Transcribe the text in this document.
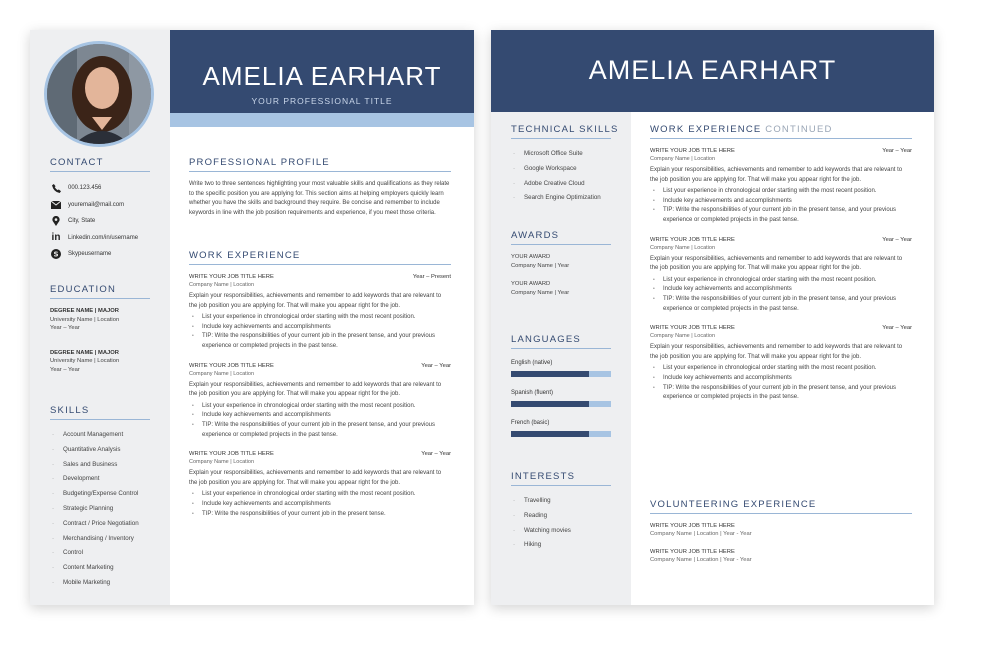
AMELIA EARHART
YOUR PROFESSIONAL TITLE
CONTACT
000.123.456
youremail@mail.com
City, State
in Linkedin.com/in/username
S Skypeusername
EDUCATION
DEGREE NAME | MAJOR
University Name | Location
Year – Year
DEGREE NAME | MAJOR
University Name | Location
Year – Year
SKILLS
· Account Management
· Quantitative Analysis
· Sales and Business
· Development
· Budgeting/Expense Control
· Strategic Planning
· Contract / Price Negotiation
· Merchandising / Inventory
· Control
· Content Marketing
· Mobile Marketing
PROFESSIONAL PROFILE
Write two to three sentences highlighting your most valuable skills and qualifications as they relate to the specific position you are applying for. This section aims at helping employers quickly learn whether you have the skills and background they require. Be concise and remember to include keywords in line with the job position requirements and experience, if you meet those criteria.
WORK EXPERIENCE
WRITE YOUR JOB TITLE HERE	Year – Present
Company Name | Location
Explain your responsibilities, achievements and remember to add keywords that are relevant to the job position you are applying for. That will make you appear right for the job.
• List your experience in chronological order starting with the most recent position.
• Include key achievements and accomplishments
• TIP: Write the responsibilities of your current job in the present tense, and your previous experience or completed projects in the past tense.
WRITE YOUR JOB TITLE HERE	Year – Year
Company Name | Location
Explain your responsibilities, achievements and remember to add keywords that are relevant to the job position you are applying for. That will make you appear right for the job.
• List your experience in chronological order starting with the most recent position.
• Include key achievements and accomplishments
• TIP: Write the responsibilities of your current job in the present tense, and your previous experience or completed projects in the past tense.
WRITE YOUR JOB TITLE HERE	Year – Year
Company Name | Location
Explain your responsibilities, achievements and remember to add keywords that are relevant to the job position you are applying for. That will make you appear right for the job.
• List your experience in chronological order starting with the most recent position.
• Include key achievements and accomplishments
• TIP: Write the responsibilities of your current job in the present tense.
AMELIA EARHART
TECHNICAL SKILLS
· Microsoft Office Suite
· Google Workspace
· Adobe Creative Cloud
· Search Engine Optimization
AWARDS
YOUR AWARD
Company Name | Year
YOUR AWARD
Company Name | Year
LANGUAGES
English (native)
Spanish (fluent)
French (basic)
INTERESTS
· Travelling
· Reading
· Watching movies
· Hiking
WORK EXPERIENCE CONTINUED
WRITE YOUR JOB TITLE HERE	Year – Year
Company Name | Location
Explain your responsibilities, achievements and remember to add keywords that are relevant to the job position you are applying for. That will make you appear right for the job.
• List your experience in chronological order starting with the most recent position.
• Include key achievements and accomplishments
• TIP: Write the responsibilities of your current job in the present tense, and your previous experience or completed projects in the past tense.
WRITE YOUR JOB TITLE HERE	Year – Year
Company Name | Location
Explain your responsibilities, achievements and remember to add keywords that are relevant to the job position you are applying for. That will make you appear right for the job.
• List your experience in chronological order starting with the most recent position.
• Include key achievements and accomplishments
• TIP: Write the responsibilities of your current job in the present tense, and your previous experience or completed projects in the past tense.
WRITE YOUR JOB TITLE HERE	Year – Year
Company Name | Location
Explain your responsibilities, achievements and remember to add keywords that are relevant to the job position you are applying for. That will make you appear right for the job.
• List your experience in chronological order starting with the most recent position.
• Include key achievements and accomplishments
• TIP: Write the responsibilities of your current job in the present tense, and your previous experience or completed projects in the past tense.
VOLUNTEERING EXPERIENCE
WRITE YOUR JOB TITLE HERE
Company Name | Location | Year - Year
WRITE YOUR JOB TITLE HERE
Company Name | Location | Year - Year
